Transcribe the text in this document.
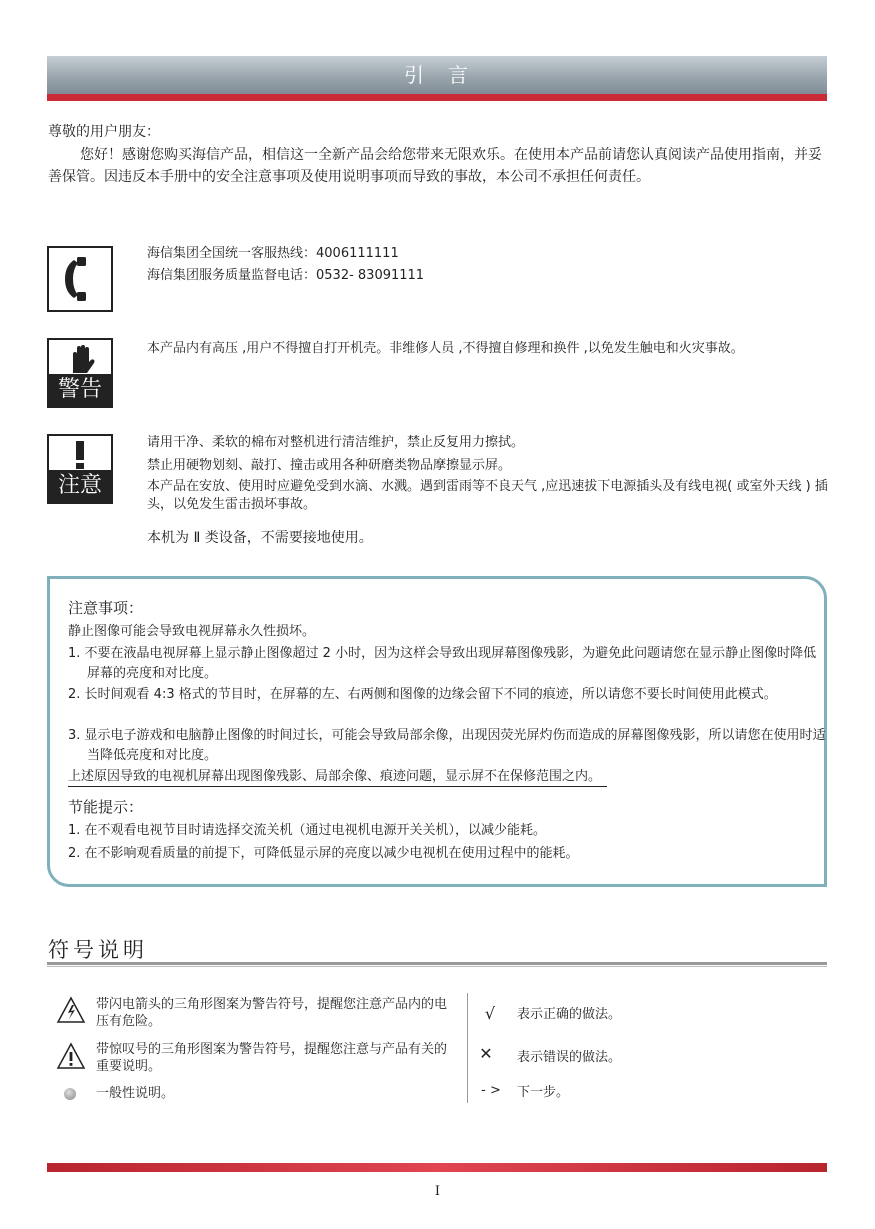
引　言
尊敬的用户朋友：
您好！感谢您购买海信产品，相信这一全新产品会给您带来无限欢乐。在使用本产品前请您认真阅读产品使用指南，并妥善保管。因违反本手册中的安全注意事项及使用说明事项而导致的事故，本公司不承担任何责任。
海信集团全国统一客服热线：4006111111
海信集团服务质量监督电话：0532- 83091111
警告
本产品内有高压 ,用户不得擅自打开机壳。非维修人员 ,不得擅自修理和换件 ,以免发生触电和火灾事故。
注意
请用干净、柔软的棉布对整机进行清洁维护，禁止反复用力擦拭。
禁止用硬物划刻、敲打、撞击或用各种研磨类物品摩擦显示屏。
本产品在安放、使用时应避免受到水滴、水溅。遇到雷雨等不良天气 ,应迅速拔下电源插头及有线电视( 或室外天线 ) 插头，以免发生雷击损坏事故。
本机为 Ⅱ 类设备，不需要接地使用。
注意事项：
静止图像可能会导致电视屏幕永久性损坏。
1. 不要在液晶电视屏幕上显示静止图像超过 2 小时，因为这样会导致出现屏幕图像残影，为避免此问题请您在显示静止图像时降低屏幕的亮度和对比度。
2. 长时间观看 4:3 格式的节目时，在屏幕的左、右两侧和图像的边缘会留下不同的痕迹，所以请您不要长时间使用此模式。
3. 显示电子游戏和电脑静止图像的时间过长，可能会导致局部余像，出现因荧光屏灼伤而造成的屏幕图像残影，所以请您在使用时适当降低亮度和对比度。
上述原因导致的电视机屏幕出现图像残影、局部余像、痕迹问题，显示屏不在保修范围之内。
节能提示：
1. 在不观看电视节目时请选择交流关机（通过电视机电源开关关机），以减少能耗。
2. 在不影响观看质量的前提下，可降低显示屏的亮度以减少电视机在使用过程中的能耗。
符号说明
带闪电箭头的三角形图案为警告符号，提醒您注意产品内的电压有危险。
带惊叹号的三角形图案为警告符号，提醒您注意与产品有关的重要说明。
一般性说明。
√	表示正确的做法。
✕	表示错误的做法。
- >	下一步。
I
